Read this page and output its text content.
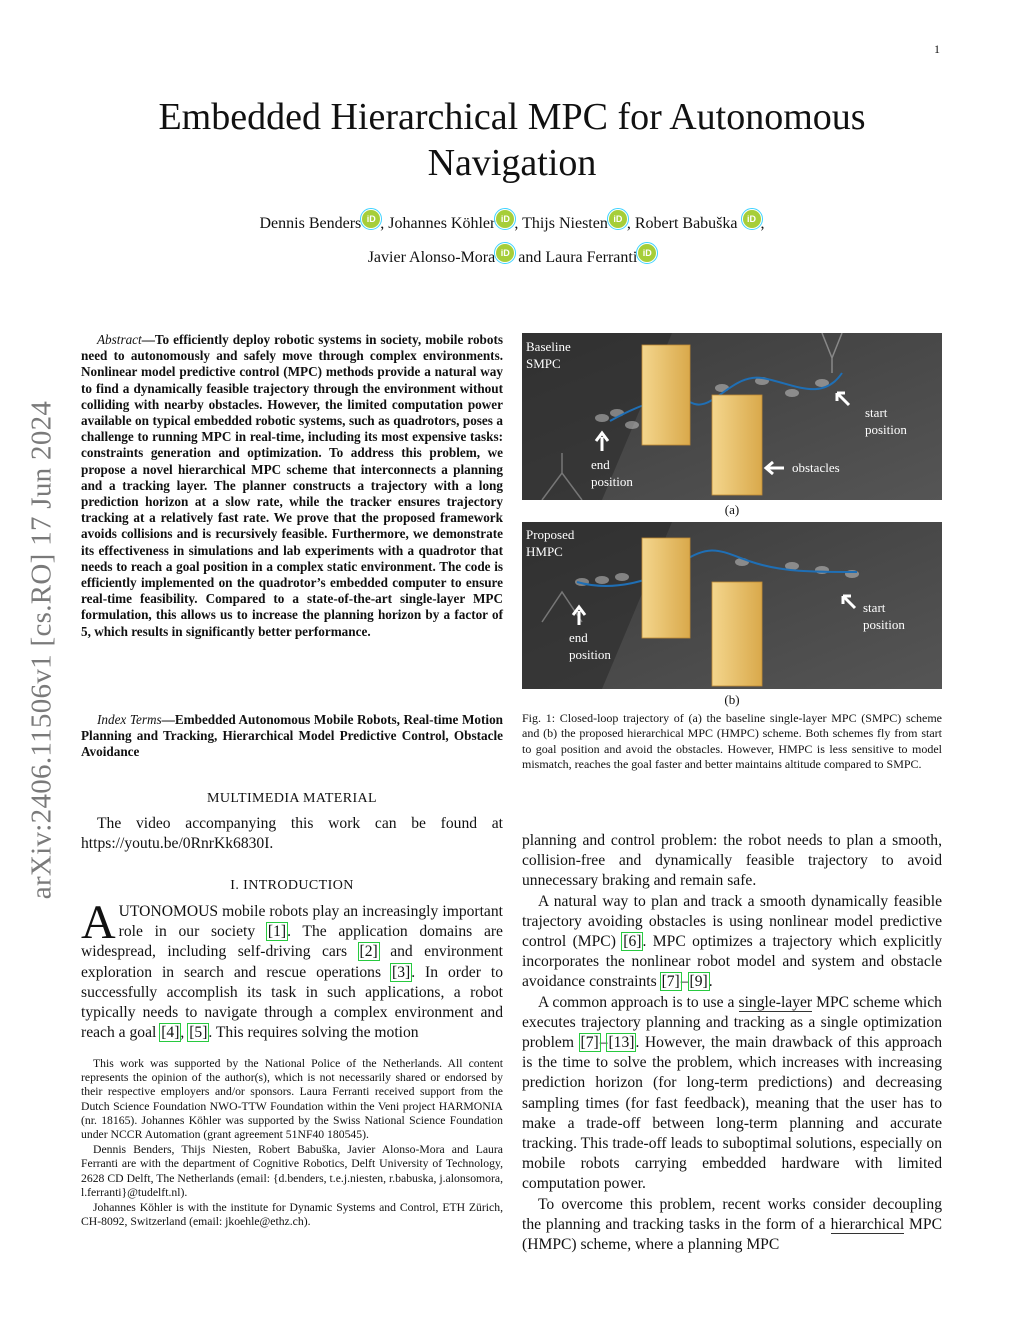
1
arXiv:2406.11506v1 [cs.RO] 17 Jun 2024
Embedded Hierarchical MPC for Autonomous
Navigation
Dennis Benders iD , Johannes Köhler iD , Thijs Niesten iD , Robert Babuška iD ,
Javier Alonso-Mora iD and Laura Ferranti iD

Abstract—To efficiently deploy robotic systems in society, mobile robots need to autonomously and safely move through complex environments. Nonlinear model predictive control (MPC) methods provide a natural way to find a dynamically feasible trajectory through the environment without colliding with nearby obstacles. However, the limited computation power available on typical embedded robotic systems, such as quadrotors, poses a challenge to running MPC in real-time, including its most expensive tasks: constraints generation and optimization. To address this problem, we propose a novel hierarchical MPC scheme that interconnects a planning and a tracking layer. The planner constructs a trajectory with a long prediction horizon at a slow rate, while the tracker ensures trajectory tracking at a relatively fast rate. We prove that the proposed framework avoids collisions and is recursively feasible. Furthermore, we demonstrate its effectiveness in simulations and lab experiments with a quadrotor that needs to reach a goal position in a complex static environment. The code is efficiently implemented on the quadrotor’s embedded computer to ensure real-time feasibility. Compared to a state-of-the-art single-layer MPC formulation, this allows us to increase the planning horizon by a factor of 5, which results in significantly better performance.

Index Terms—Embedded Autonomous Mobile Robots, Real-time Motion Planning and Tracking, Hierarchical Model Predictive Control, Obstacle Avoidance
MULTIMEDIA MATERIAL
The video accompanying this work can be found at https://youtu.be/0RnrKk6830I.
I. INTRODUCTION
AUTONOMOUS mobile robots play an increasingly important role in our society [1]. The application domains are widespread, including self-driving cars [2] and environment exploration in search and rescue operations [3]. In order to successfully accomplish its task in such applications, a robot typically needs to navigate through a complex environment and reach a goal [4], [5]. This requires solving the motion

This work was supported by the National Police of the Netherlands. All content represents the opinion of the author(s), which is not necessarily shared or endorsed by their respective employers and/or sponsors. Laura Ferranti received support from the Dutch Science Foundation NWO-TTW Foundation within the Veni project HARMONIA (nr. 18165). Johannes Köhler was supported by the Swiss National Science Foundation under NCCR Automation (grant agreement 51NF40 180545).

Dennis Benders, Thijs Niesten, Robert Babuška, Javier Alonso-Mora and Laura Ferranti are with the department of Cognitive Robotics, Delft University of Technology, 2628 CD Delft, The Netherlands (email: {d.benders, t.e.j.niesten, r.babuska, j.alonsomora, l.ferranti}@tudelft.nl).

Johannes Köhler is with the institute for Dynamic Systems and Control, ETH Zürich, CH-8092, Switzerland (email: jkoehle@ethz.ch).

Baseline
SMPC
start
position
end
position
obstacles
(a)
Proposed
HMPC
start
position
end
position
(b)
Fig. 1: Closed-loop trajectory of (a) the baseline single-layer MPC (SMPC) scheme and (b) the proposed hierarchical MPC (HMPC) scheme. Both schemes fly from start to goal position and avoid the obstacles. However, HMPC is less sensitive to model mismatch, reaches the goal faster and better maintains altitude compared to SMPC.

planning and control problem: the robot needs to plan a smooth, collision-free and dynamically feasible trajectory to avoid unnecessary braking and remain safe.

A natural way to plan and track a smooth dynamically feasible trajectory avoiding obstacles is using nonlinear model predictive control (MPC) [6]. MPC optimizes a trajectory which explicitly incorporates the nonlinear robot model and system and obstacle avoidance constraints [7]–[9].

A common approach is to use a single-layer MPC scheme which executes trajectory planning and tracking as a single optimization problem [7]–[13]. However, the main drawback of this approach is the time to solve the problem, which increases with increasing prediction horizon (for long-term predictions) and decreasing sampling times (for fast feedback), meaning that the user has to make a trade-off between long-term planning and accurate tracking. This trade-off leads to suboptimal solutions, especially on mobile robots carrying embedded hardware with limited computation power.

To overcome this problem, recent works consider decoupling the planning and tracking tasks in the form of a hierarchical MPC (HMPC) scheme, where a planning MPC
